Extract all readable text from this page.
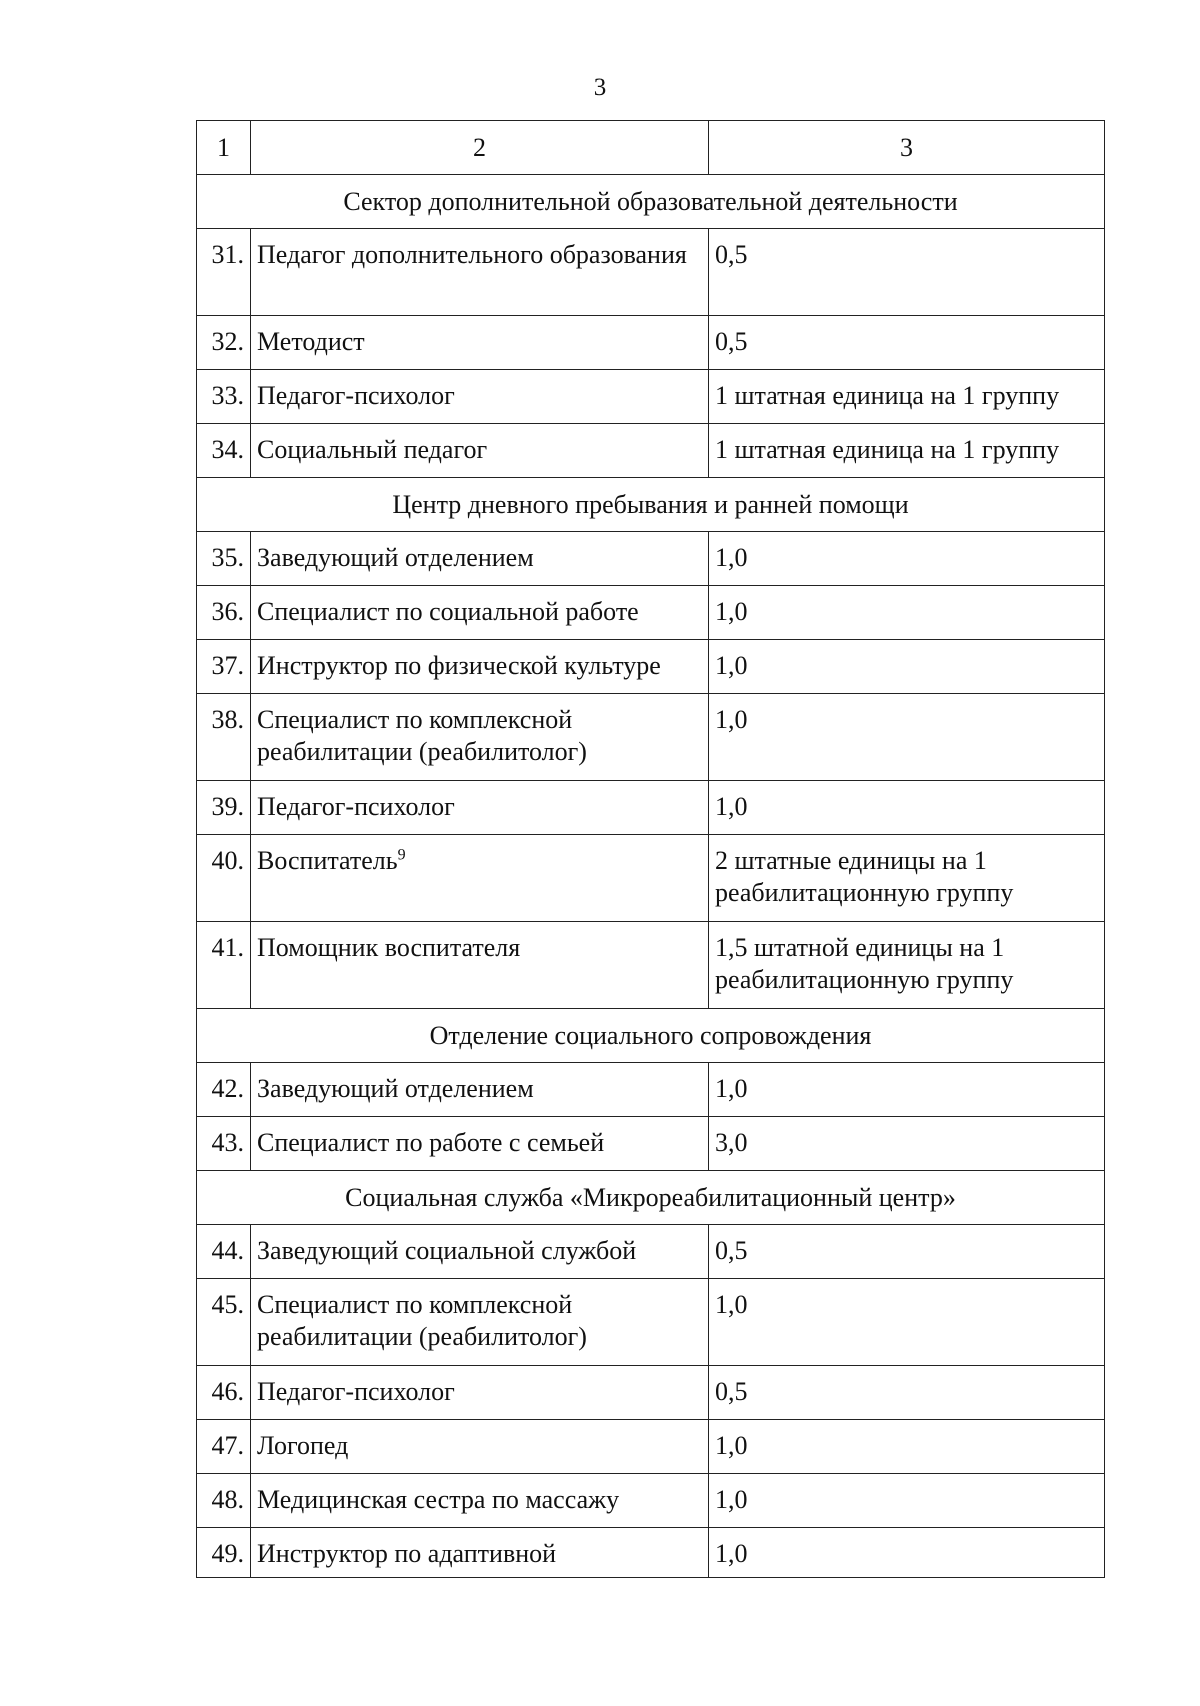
3
1	2	3
Сектор дополнительной образовательной деятельности		
31.	Педагог дополнительного образования	0,5
32.	Методист	0,5
33.	Педагог-психолог	1 штатная единица на 1 группу
34.	Социальный педагог	1 штатная единица на 1 группу
Центр дневного пребывания и ранней помощи		
35.	Заведующий отделением	1,0
36.	Специалист по социальной работе	1,0
37.	Инструктор по физической культуре	1,0
38.	Специалист по комплексной реабилитации (реабилитолог)	1,0
39.	Педагог-психолог	1,0
40.	Воспитатель$^9$	2 штатные единицы на 1 реабилитационную группу
41.	Помощник воспитателя	1,5 штатной единицы на 1 реабилитационную группу
Отделение социального сопровождения		
42.	Заведующий отделением	1,0
43.	Специалист по работе с семьей	3,0
Социальная служба «Микрореабилитационный центр»		
44.	Заведующий социальной службой	0,5
45.	Специалист по комплексной реабилитации (реабилитолог)	1,0
46.	Педагог-психолог	0,5
47.	Логопед	1,0
48.	Медицинская сестра по массажу	1,0
49.	Инструктор по адаптивной	1,0
